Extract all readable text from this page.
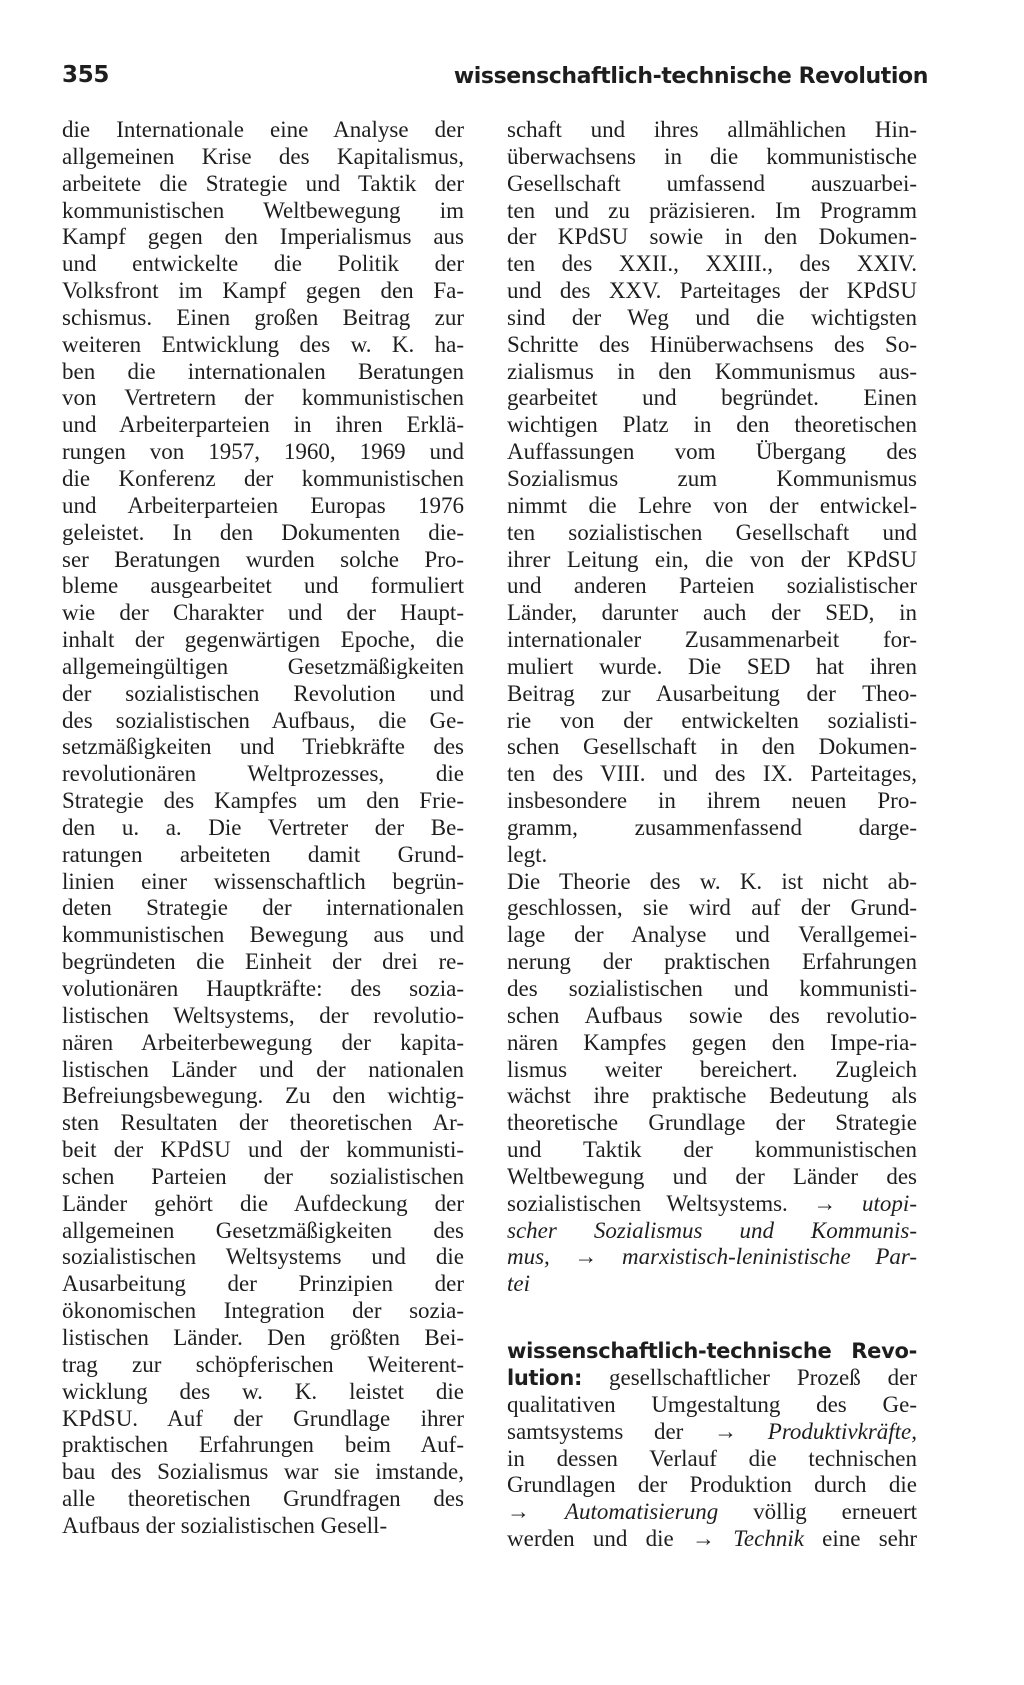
355	wissenschaftlich-technische Revolution
die Internationale eine Analyse der
allgemeinen Krise des Kapitalismus,
arbeitete die Strategie und Taktik der
kommunistischen Weltbewegung im
Kampf gegen den Imperialismus aus
und entwickelte die Politik der
Volksfront im Kampf gegen den Fa-
schismus. Einen großen Beitrag zur
weiteren Entwicklung des w. K. ha-
ben die internationalen Beratungen
von Vertretern der kommunistischen
und Arbeiterparteien in ihren Erklä-
rungen von 1957, 1960, 1969 und
die Konferenz der kommunistischen
und Arbeiterparteien Europas 1976
geleistet. In den Dokumenten die-
ser Beratungen wurden solche Pro-
bleme ausgearbeitet und formuliert
wie der Charakter und der Haupt-
inhalt der gegenwärtigen Epoche, die
allgemeingültigen Gesetzmäßigkeiten
der sozialistischen Revolution und
des sozialistischen Aufbaus, die Ge-
setzmäßigkeiten und Triebkräfte des
revolutionären Weltprozesses, die
Strategie des Kampfes um den Frie-
den u. a. Die Vertreter der Be-
ratungen arbeiteten damit Grund-
linien einer wissenschaftlich begrün-
deten Strategie der internationalen
kommunistischen Bewegung aus und
begründeten die Einheit der drei re-
volutionären Hauptkräfte: des sozia-
listischen Weltsystems, der revolutio-
nären Arbeiterbewegung der kapita-
listischen Länder und der nationalen
Befreiungsbewegung. Zu den wichtig-
sten Resultaten der theoretischen Ar-
beit der KPdSU und der kommunisti-
schen Parteien der sozialistischen
Länder gehört die Aufdeckung der
allgemeinen Gesetzmäßigkeiten des
sozialistischen Weltsystems und die
Ausarbeitung der Prinzipien der
ökonomischen Integration der sozia-
listischen Länder. Den größten Bei-
trag zur schöpferischen Weiterent-
wicklung des w. K. leistet die
KPdSU. Auf der Grundlage ihrer
praktischen Erfahrungen beim Auf-
bau des Sozialismus war sie imstande,
alle theoretischen Grundfragen des
Aufbaus der sozialistischen Gesell-
schaft und ihres allmählichen Hin-
überwachsens in die kommunistische
Gesellschaft umfassend auszuarbei-
ten und zu präzisieren. Im Programm
der KPdSU sowie in den Dokumen-
ten des XXII., XXIII., des XXIV.
und des XXV. Parteitages der KPdSU
sind der Weg und die wichtigsten
Schritte des Hinüberwachsens des So-
zialismus in den Kommunismus aus-
gearbeitet und begründet. Einen
wichtigen Platz in den theoretischen
Auffassungen vom Übergang des
Sozialismus zum Kommunismus
nimmt die Lehre von der entwickel-
ten sozialistischen Gesellschaft und
ihrer Leitung ein, die von der KPdSU
und anderen Parteien sozialistischer
Länder, darunter auch der SED, in
internationaler Zusammenarbeit for-
muliert wurde. Die SED hat ihren
Beitrag zur Ausarbeitung der Theo-
rie von der entwickelten sozialisti-
schen Gesellschaft in den Dokumen-
ten des VIII. und des IX. Parteitages,
insbesondere in ihrem neuen Pro-
gramm, zusammenfassend darge-
legt.
Die Theorie des w. K. ist nicht ab-
geschlossen, sie wird auf der Grund-
lage der Analyse und Verallgemei-
nerung der praktischen Erfahrungen
des sozialistischen und kommunisti-
schen Aufbaus sowie des revolutio-
nären Kampfes gegen den Impe-ria-
lismus weiter bereichert. Zugleich
wächst ihre praktische Bedeutung als
theoretische Grundlage der Strategie
und Taktik der kommunistischen
Weltbewegung und der Länder des
sozialistischen Weltsystems. → utopi-
scher Sozialismus und Kommunis-
mus, → marxistisch-leninistische Par-
tei
wissenschaftlich-technische Revo-
lution: gesellschaftlicher Prozeß der
qualitativen Umgestaltung des Ge-
samtsystems der → Produktivkräfte,
in dessen Verlauf die technischen
Grundlagen der Produktion durch die
→ Automatisierung völlig erneuert
werden und die → Technik eine sehr
